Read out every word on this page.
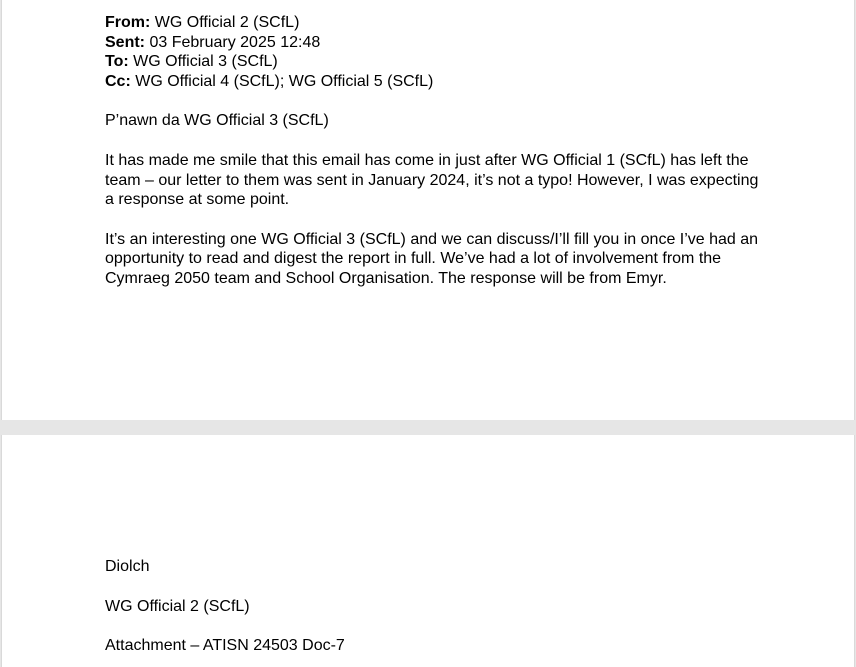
From: WG Official 2 (SCfL)
Sent: 03 February 2025 12:48
To: WG Official 3 (SCfL)
Cc: WG Official 4 (SCfL); WG Official 5 (SCfL)

P’nawn da WG Official 3 (SCfL)

It has made me smile that this email has come in just after WG Official 1 (SCfL) has left the team – our letter to them was sent in January 2024, it’s not a typo! However, I was expecting a response at some point.

It’s an interesting one WG Official 3 (SCfL) and we can discuss/I’ll fill you in once I’ve had an opportunity to read and digest the report in full. We’ve had a lot of involvement from the Cymraeg 2050 team and School Organisation. The response will be from Emyr.

Diolch

WG Official 2 (SCfL)

Attachment – ATISN 24503 Doc-7
